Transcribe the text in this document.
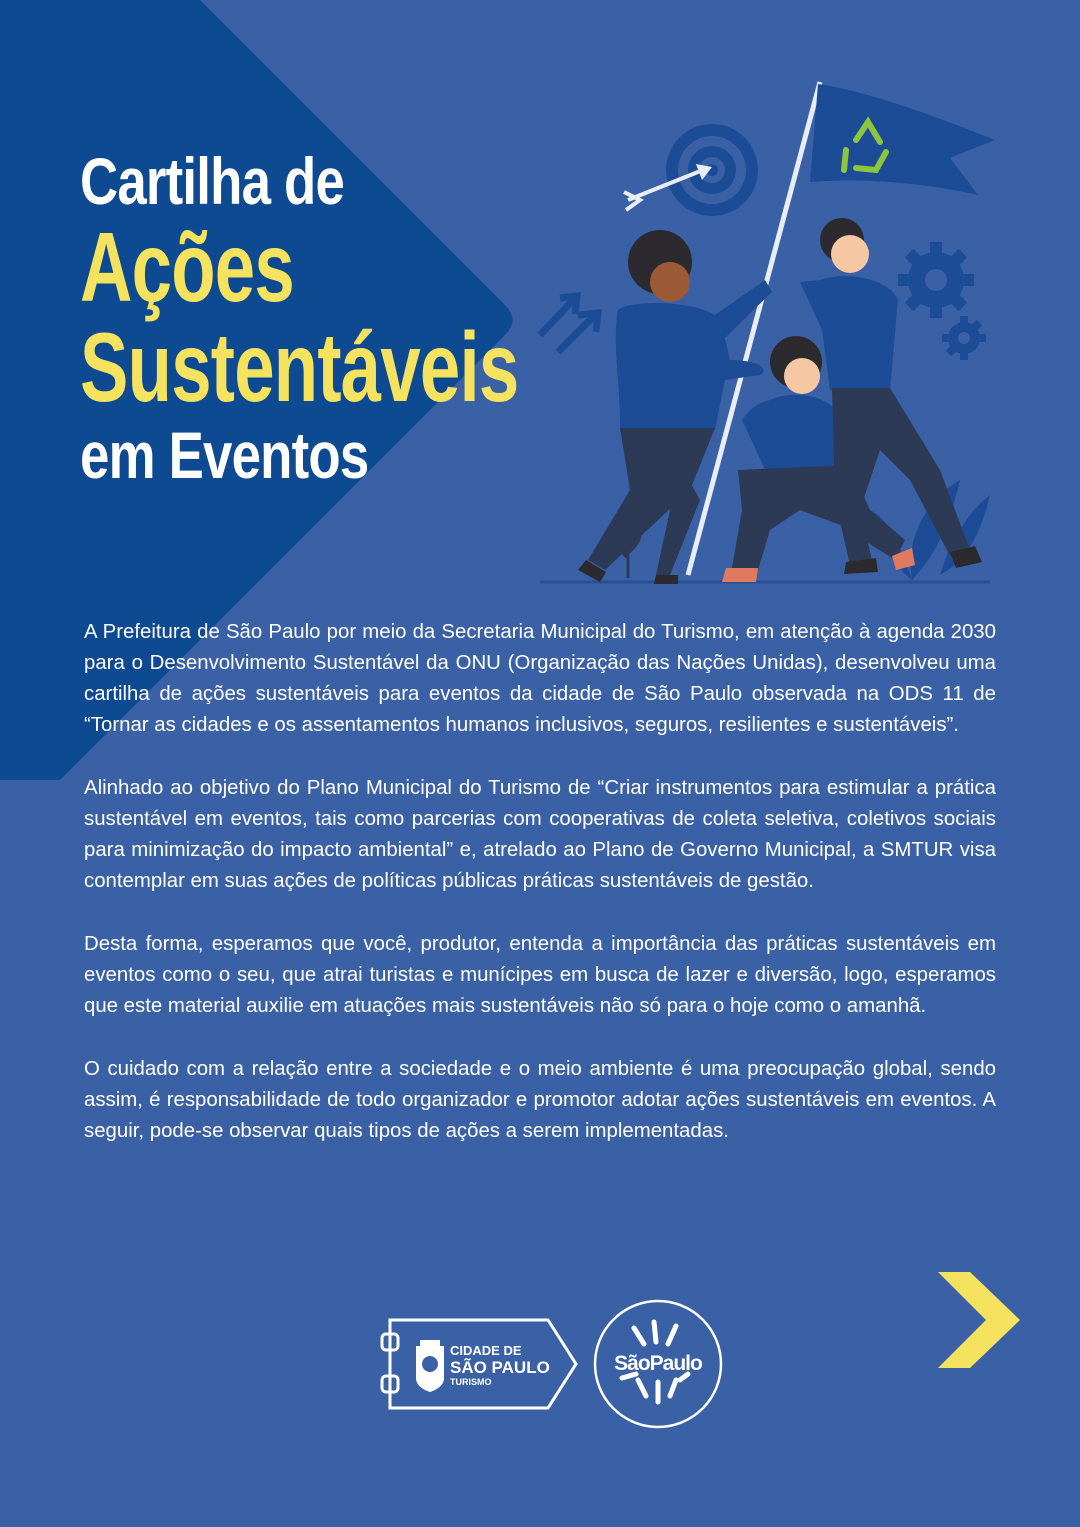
Cartilha de
Ações
Sustentáveis
em Eventos

A Prefeitura de São Paulo por meio da Secretaria Municipal do Turismo, em atenção à agenda 2030 para o Desenvolvimento Sustentável da ONU (Organização das Nações Unidas), desenvolveu uma cartilha de ações sustentáveis para eventos da cidade de São Paulo observada na ODS 11 de “Tornar as cidades e os assentamentos humanos inclusivos, seguros, resilientes e sustentáveis”.

Alinhado ao objetivo do Plano Municipal do Turismo de “Criar instrumentos para estimular a prática sustentável em eventos, tais como parcerias com cooperativas de coleta seletiva, coletivos sociais para minimização do impacto ambiental” e, atrelado ao Plano de Governo Municipal, a SMTUR visa contemplar em suas ações de políticas públicas práticas sustentáveis de gestão.

Desta forma, esperamos que você, produtor, entenda a importância das práticas sustentáveis em eventos como o seu, que atrai turistas e munícipes em busca de lazer e diversão, logo, esperamos que este material auxilie em atuações mais sustentáveis não só para o hoje como o amanhã.

O cuidado com a relação entre a sociedade e o meio ambiente é uma preocupação global, sendo assim, é responsabilidade de todo organizador e promotor adotar ações sustentáveis em eventos. A seguir, pode-se observar quais tipos de ações a serem implementadas.

CIDADE DE
SÃO PAULO
TURISMO
SãoPaulo
